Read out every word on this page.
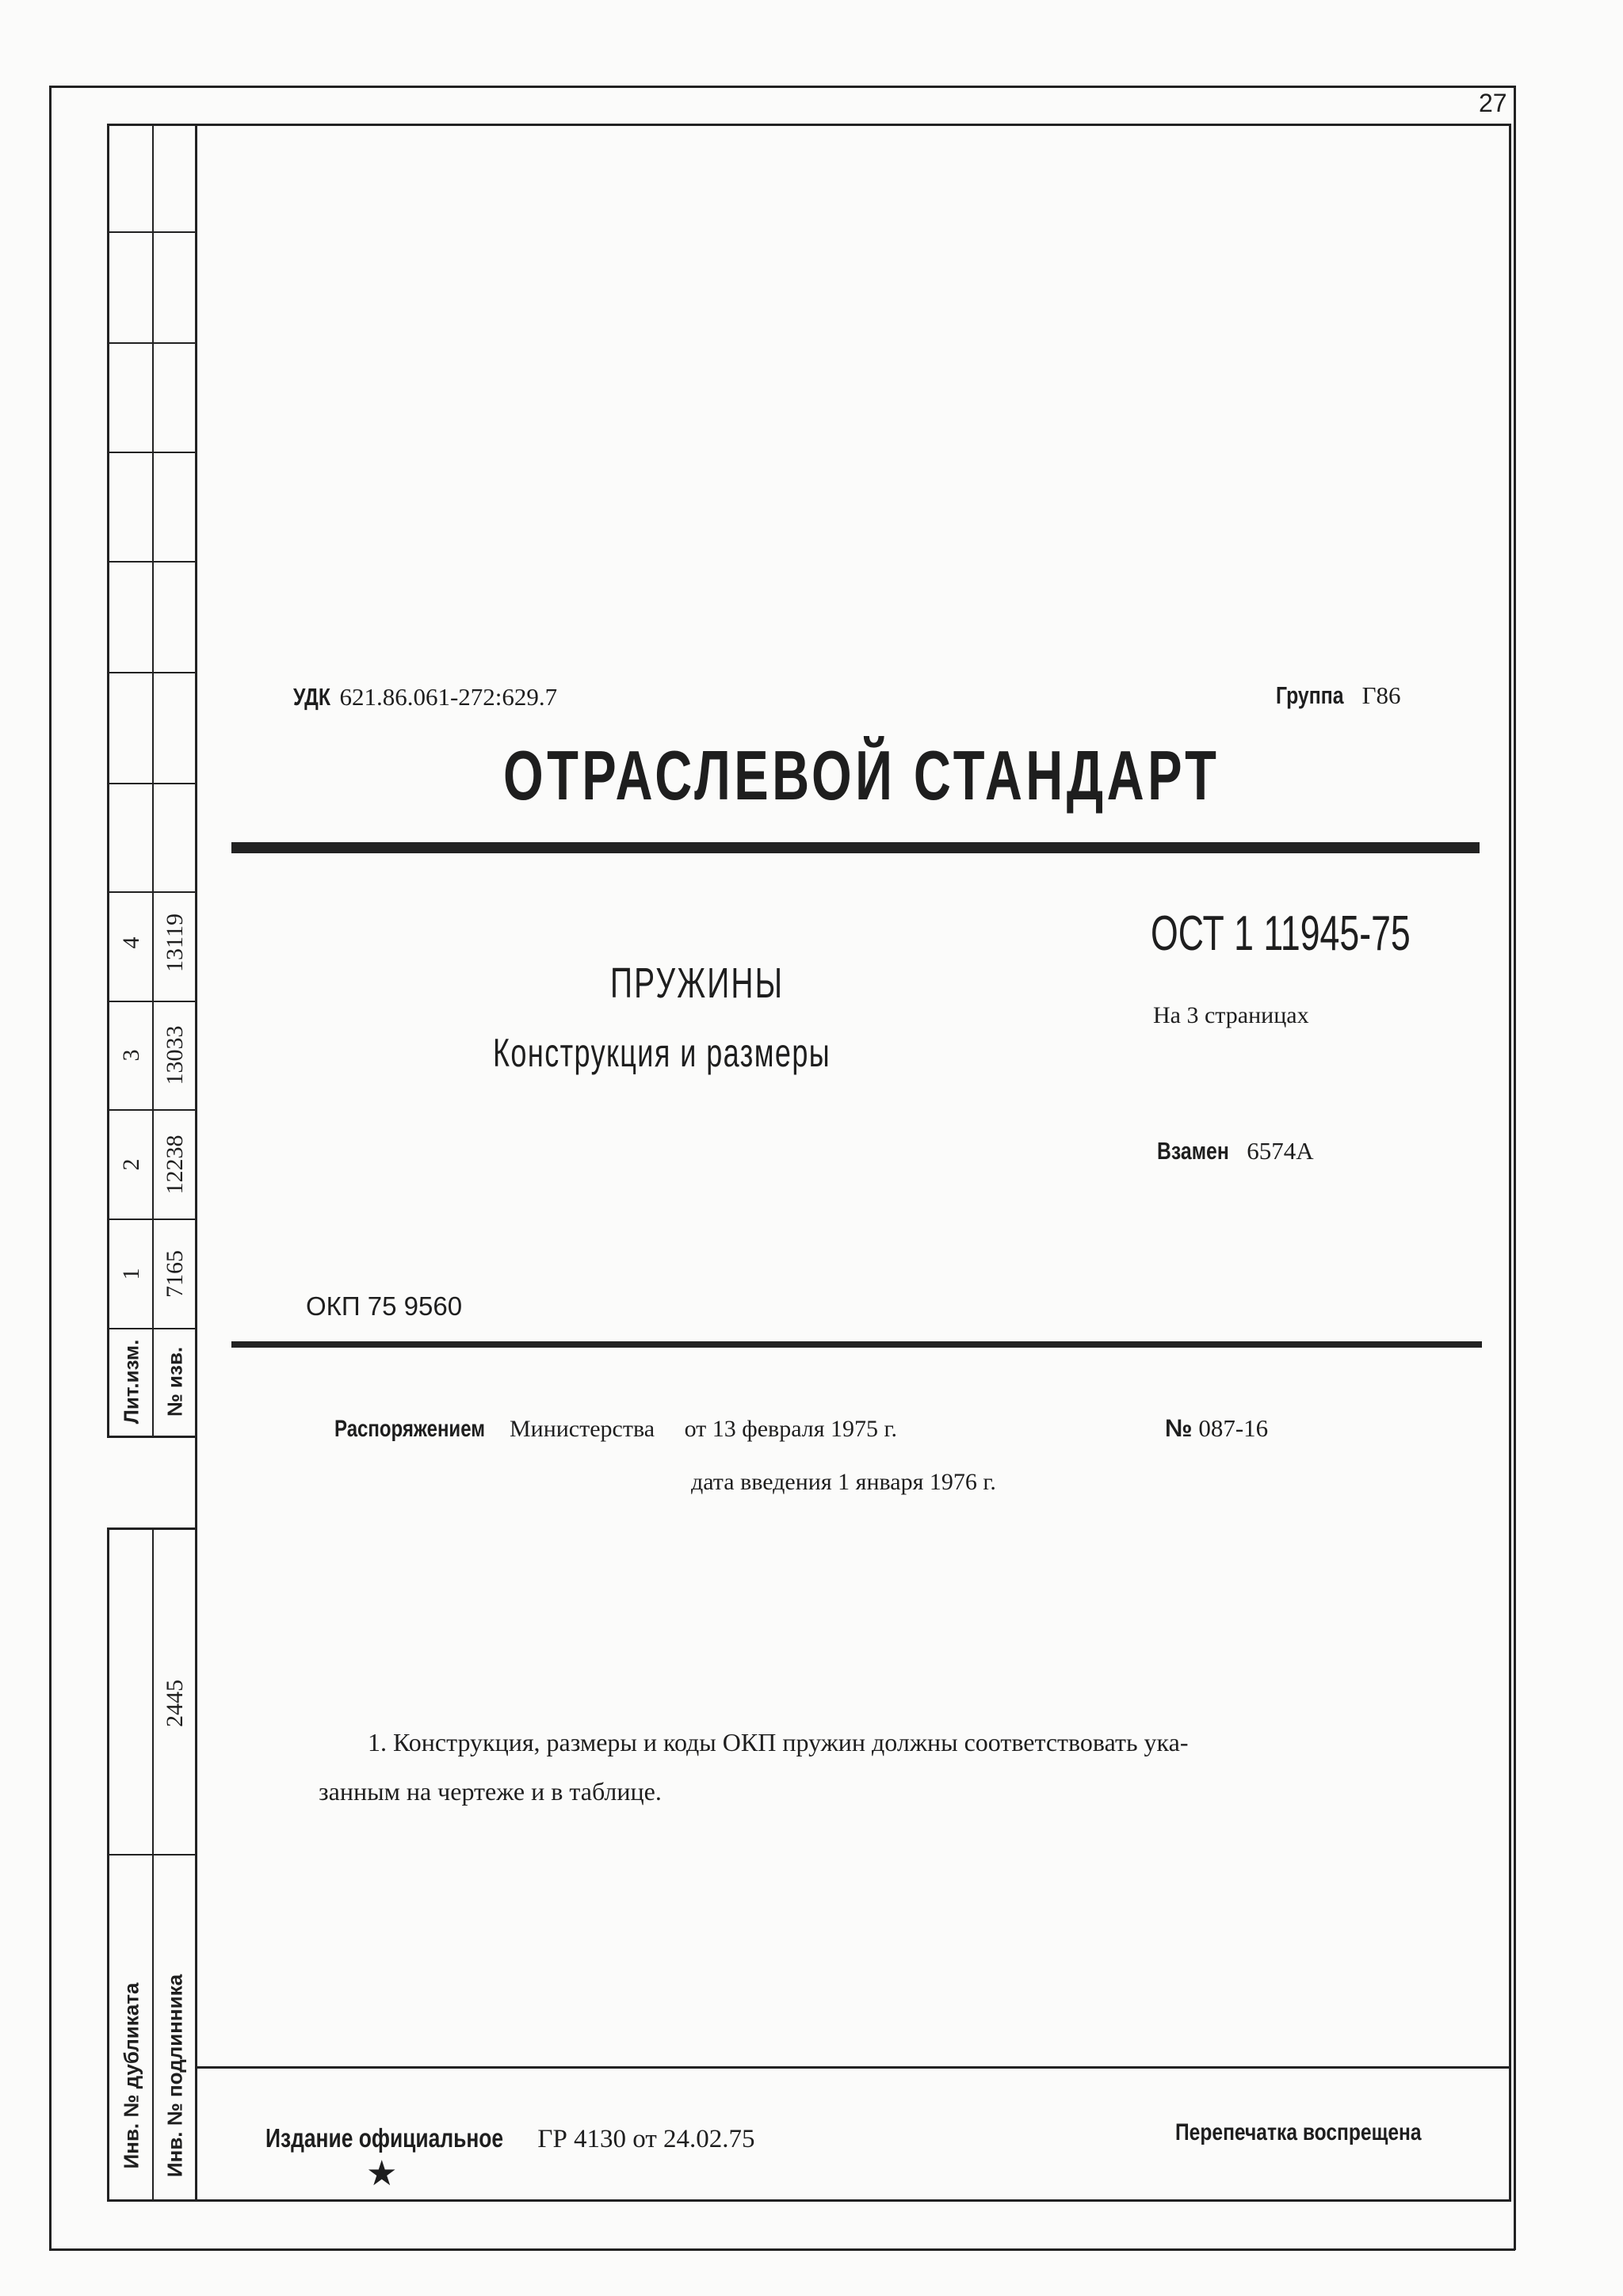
4 13119
3 13033
2 12238
1 7165
Лит.изм. № изв.
2445
Инв. № дубликата Инв. № подлинника
27
УДК 621.86.061-272:629.7	Группа Г86
ОТРАСЛЕВОЙ СТАНДАРТ
ОСТ 1 11945-75
На 3 страницах
ПРУЖИНЫ
Конструкция и размеры
Взамен 6574А
ОКП 75 9560
Распоряжением Министерства от 13 февраля 1975 г.	№ 087-16
дата введения 1 января 1976 г.
1. Конструкция, размеры и коды ОКП пружин должны соответствовать ука-
занным на чертеже и в таблице.
Издание официальное ГР 4130 от 24.02.75
★
Перепечатка воспрещена
